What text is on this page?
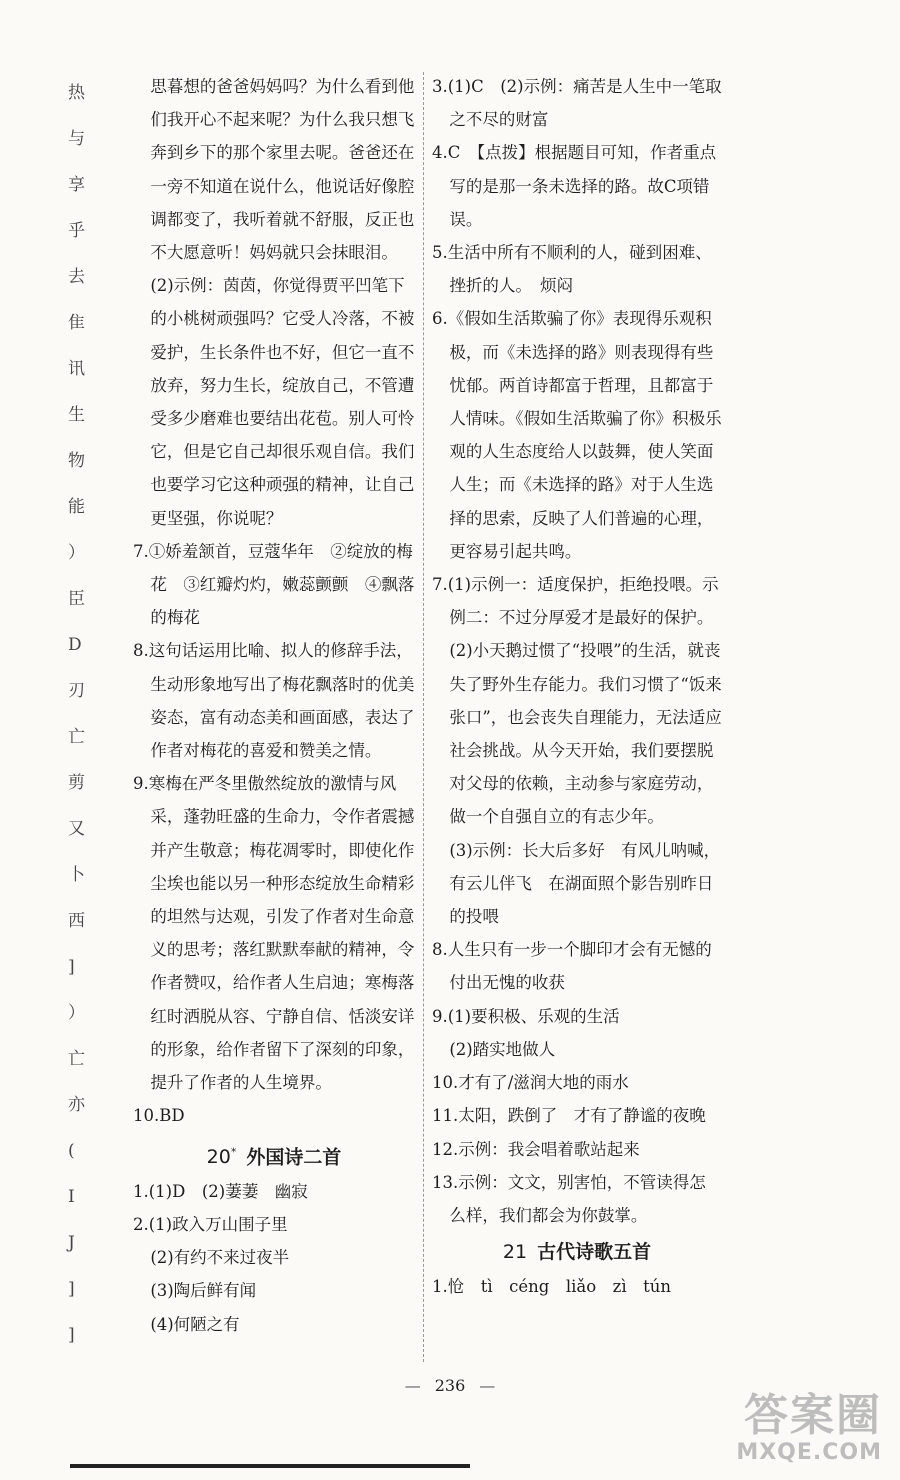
热
与
享
乎
去
隹
讯
生
物
能
）
臣
D
刃
亡
剪
又
卜
西
]
）
亡
亦
(
I
J
]
]

思暮想的爸爸妈妈吗？为什么看到他们我开心不起来呢？为什么我只想飞奔到乡下的那个家里去呢。爸爸还在一旁不知道在说什么，他说话好像腔调都变了，我听着就不舒服，反正也不大愿意听！妈妈就只会抹眼泪。

(2)示例：茵茵，你觉得贾平凹笔下的小桃树顽强吗？它受人冷落，不被爱护，生长条件也不好，但它一直不放弃，努力生长，绽放自己，不管遭受多少磨难也要结出花苞。别人可怜它，但是它自己却很乐观自信。我们也要学习它这种顽强的精神，让自己更坚强，你说呢？

7.①娇羞颔首，豆蔻华年　②绽放的梅花　③红瓣灼灼，嫩蕊颤颤　④飘落的梅花

8.这句话运用比喻、拟人的修辞手法，生动形象地写出了梅花飘落时的优美姿态，富有动态美和画面感，表达了作者对梅花的喜爱和赞美之情。

9.寒梅在严冬里傲然绽放的激情与风采，蓬勃旺盛的生命力，令作者震撼并产生敬意；梅花凋零时，即使化作尘埃也能以另一种形态绽放生命精彩的坦然与达观，引发了作者对生命意义的思考；落红默默奉献的精神，令作者赞叹，给作者人生启迪；寒梅落红时洒脱从容、宁静自信、恬淡安详的形象，给作者留下了深刻的印象，提升了作者的人生境界。

10.BD

20* 外国诗二首

1.(1)D　(2)萋萋　幽寂

2.(1)政入万山围子里

(2)有约不来过夜半

(3)陶后鲜有闻

(4)何陋之有

3.(1)C　(2)示例：痛苦是人生中一笔取之不尽的财富

4.C　【点拨】根据题目可知，作者重点写的是那一条未选择的路。故C项错误。

5.生活中所有不顺利的人，碰到困难、挫折的人。　烦闷

6.《假如生活欺骗了你》表现得乐观积极，而《未选择的路》则表现得有些忧郁。两首诗都富于哲理，且都富于人情味。《假如生活欺骗了你》积极乐观的人生态度给人以鼓舞，使人笑面人生；而《未选择的路》对于人生选择的思索，反映了人们普遍的心理，更容易引起共鸣。

7.(1)示例一：适度保护，拒绝投喂。示例二：不过分厚爱才是最好的保护。

(2)小天鹅过惯了“投喂”的生活，就丧失了野外生存能力。我们习惯了“饭来张口”，也会丧失自理能力，无法适应社会挑战。从今天开始，我们要摆脱对父母的依赖，主动参与家庭劳动，做一个自强自立的有志少年。

(3)示例：长大后多好　有风儿呐喊，有云儿伴飞　在湖面照个影告别昨日的投喂

8.人生只有一步一个脚印才会有无憾的付出无愧的收获

9.(1)要积极、乐观的生活

(2)踏实地做人

10.才有了/滋润大地的雨水

11.太阳，跌倒了　才有了静谧的夜晚

12.示例：我会唱着歌站起来

13.示例：文文，别害怕，不管读得怎么样，我们都会为你鼓掌。

21 古代诗歌五首

1.怆　tì　céng　liǎo　zì　tún

— 236 —
答案圈
MXQE.COM
